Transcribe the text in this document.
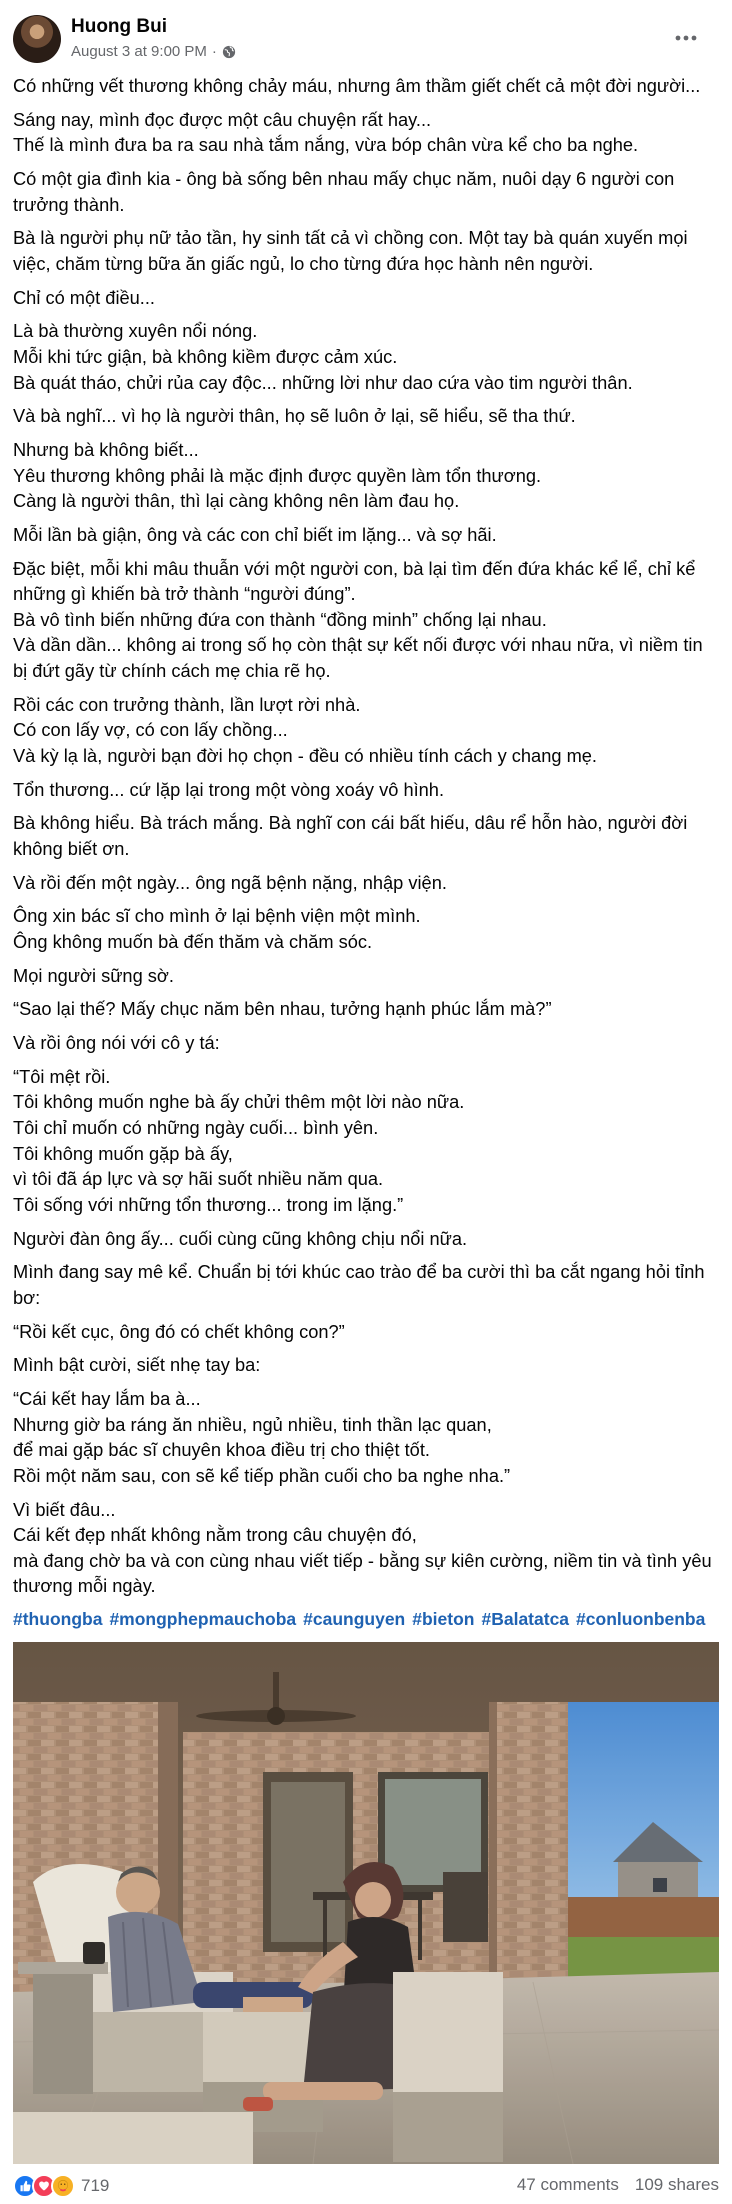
Huong Bui
August 3 at 9:00 PM ·
Có những vết thương không chảy máu, nhưng âm thầm giết chết cả một đời người...
Sáng nay, mình đọc được một câu chuyện rất hay...
Thế là mình đưa ba ra sau nhà tắm nắng, vừa bóp chân vừa kể cho ba nghe.
Có một gia đình kia - ông bà sống bên nhau mấy chục năm, nuôi dạy 6 người con trưởng thành.
Bà là người phụ nữ tảo tần, hy sinh tất cả vì chồng con. Một tay bà quán xuyến mọi việc, chăm từng bữa ăn giấc ngủ, lo cho từng đứa học hành nên người.
Chỉ có một điều...
Là bà thường xuyên nổi nóng.
Mỗi khi tức giận, bà không kiềm được cảm xúc.
Bà quát tháo, chửi rủa cay độc... những lời như dao cứa vào tim người thân.
Và bà nghĩ... vì họ là người thân, họ sẽ luôn ở lại, sẽ hiểu, sẽ tha thứ.
Nhưng bà không biết...
Yêu thương không phải là mặc định được quyền làm tổn thương.
Càng là người thân, thì lại càng không nên làm đau họ.
Mỗi lần bà giận, ông và các con chỉ biết im lặng... và sợ hãi.
Đặc biệt, mỗi khi mâu thuẫn với một người con, bà lại tìm đến đứa khác kể lể, chỉ kể những gì khiến bà trở thành “người đúng”.
Bà vô tình biến những đứa con thành “đồng minh” chống lại nhau.
Và dần dần... không ai trong số họ còn thật sự kết nối được với nhau nữa, vì niềm tin bị đứt gãy từ chính cách mẹ chia rẽ họ.
Rồi các con trưởng thành, lần lượt rời nhà.
Có con lấy vợ, có con lấy chồng...
Và kỳ lạ là, người bạn đời họ chọn - đều có nhiều tính cách y chang mẹ.
Tổn thương... cứ lặp lại trong một vòng xoáy vô hình.
Bà không hiểu. Bà trách mắng. Bà nghĩ con cái bất hiếu, dâu rể hỗn hào, người đời không biết ơn.
Và rồi đến một ngày... ông ngã bệnh nặng, nhập viện.
Ông xin bác sĩ cho mình ở lại bệnh viện một mình.
Ông không muốn bà đến thăm và chăm sóc.
Mọi người sững sờ.
“Sao lại thế? Mấy chục năm bên nhau, tưởng hạnh phúc lắm mà?”
Và rồi ông nói với cô y tá:
“Tôi mệt rồi.
Tôi không muốn nghe bà ấy chửi thêm một lời nào nữa.
Tôi chỉ muốn có những ngày cuối... bình yên.
Tôi không muốn gặp bà ấy,
vì tôi đã áp lực và sợ hãi suốt nhiều năm qua.
Tôi sống với những tổn thương... trong im lặng.”
Người đàn ông ấy... cuối cùng cũng không chịu nổi nữa.
Mình đang say mê kể. Chuẩn bị tới khúc cao trào để ba cười thì ba cắt ngang hỏi tỉnh bơ:
“Rồi kết cục, ông đó có chết không con?”
Mình bật cười, siết nhẹ tay ba:
“Cái kết hay lắm ba à...
Nhưng giờ ba ráng ăn nhiều, ngủ nhiều, tinh thần lạc quan,
để mai gặp bác sĩ chuyên khoa điều trị cho thiệt tốt.
Rồi một năm sau, con sẽ kể tiếp phần cuối cho ba nghe nha.”
Vì biết đâu...
Cái kết đẹp nhất không nằm trong câu chuyện đó,
mà đang chờ ba và con cùng nhau viết tiếp - bằng sự kiên cường, niềm tin và tình yêu thương mỗi ngày.
#thuongba #mongphepmauchoba #caunguyen #bieton #Balatatca #conluonbenba
719	47 comments 109 shares
